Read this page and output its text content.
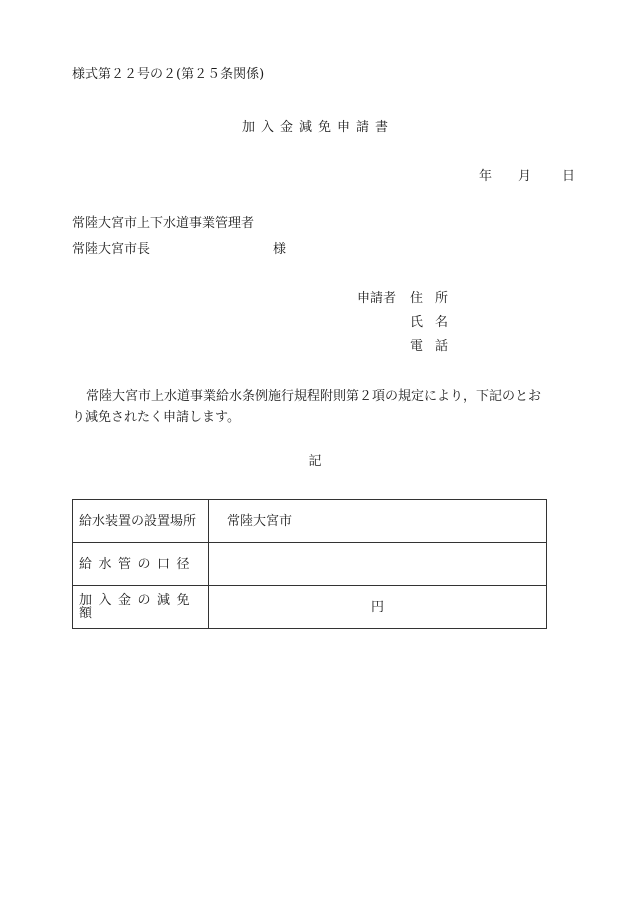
様式第２２号の２(第２５条関係)
加入金減免申請書
年 月 日
常陸大宮市上下水道事業管理者
常陸大宮市長	様
申請者 住所
氏名
電話
常陸大宮市上水道事業給水条例施行規程附則第２項の規定により，下記のとおり減免されたく申請します。
記
給水装置の設置場所	常陸大宮市
給水管の口径	
加入金の減免額	円
